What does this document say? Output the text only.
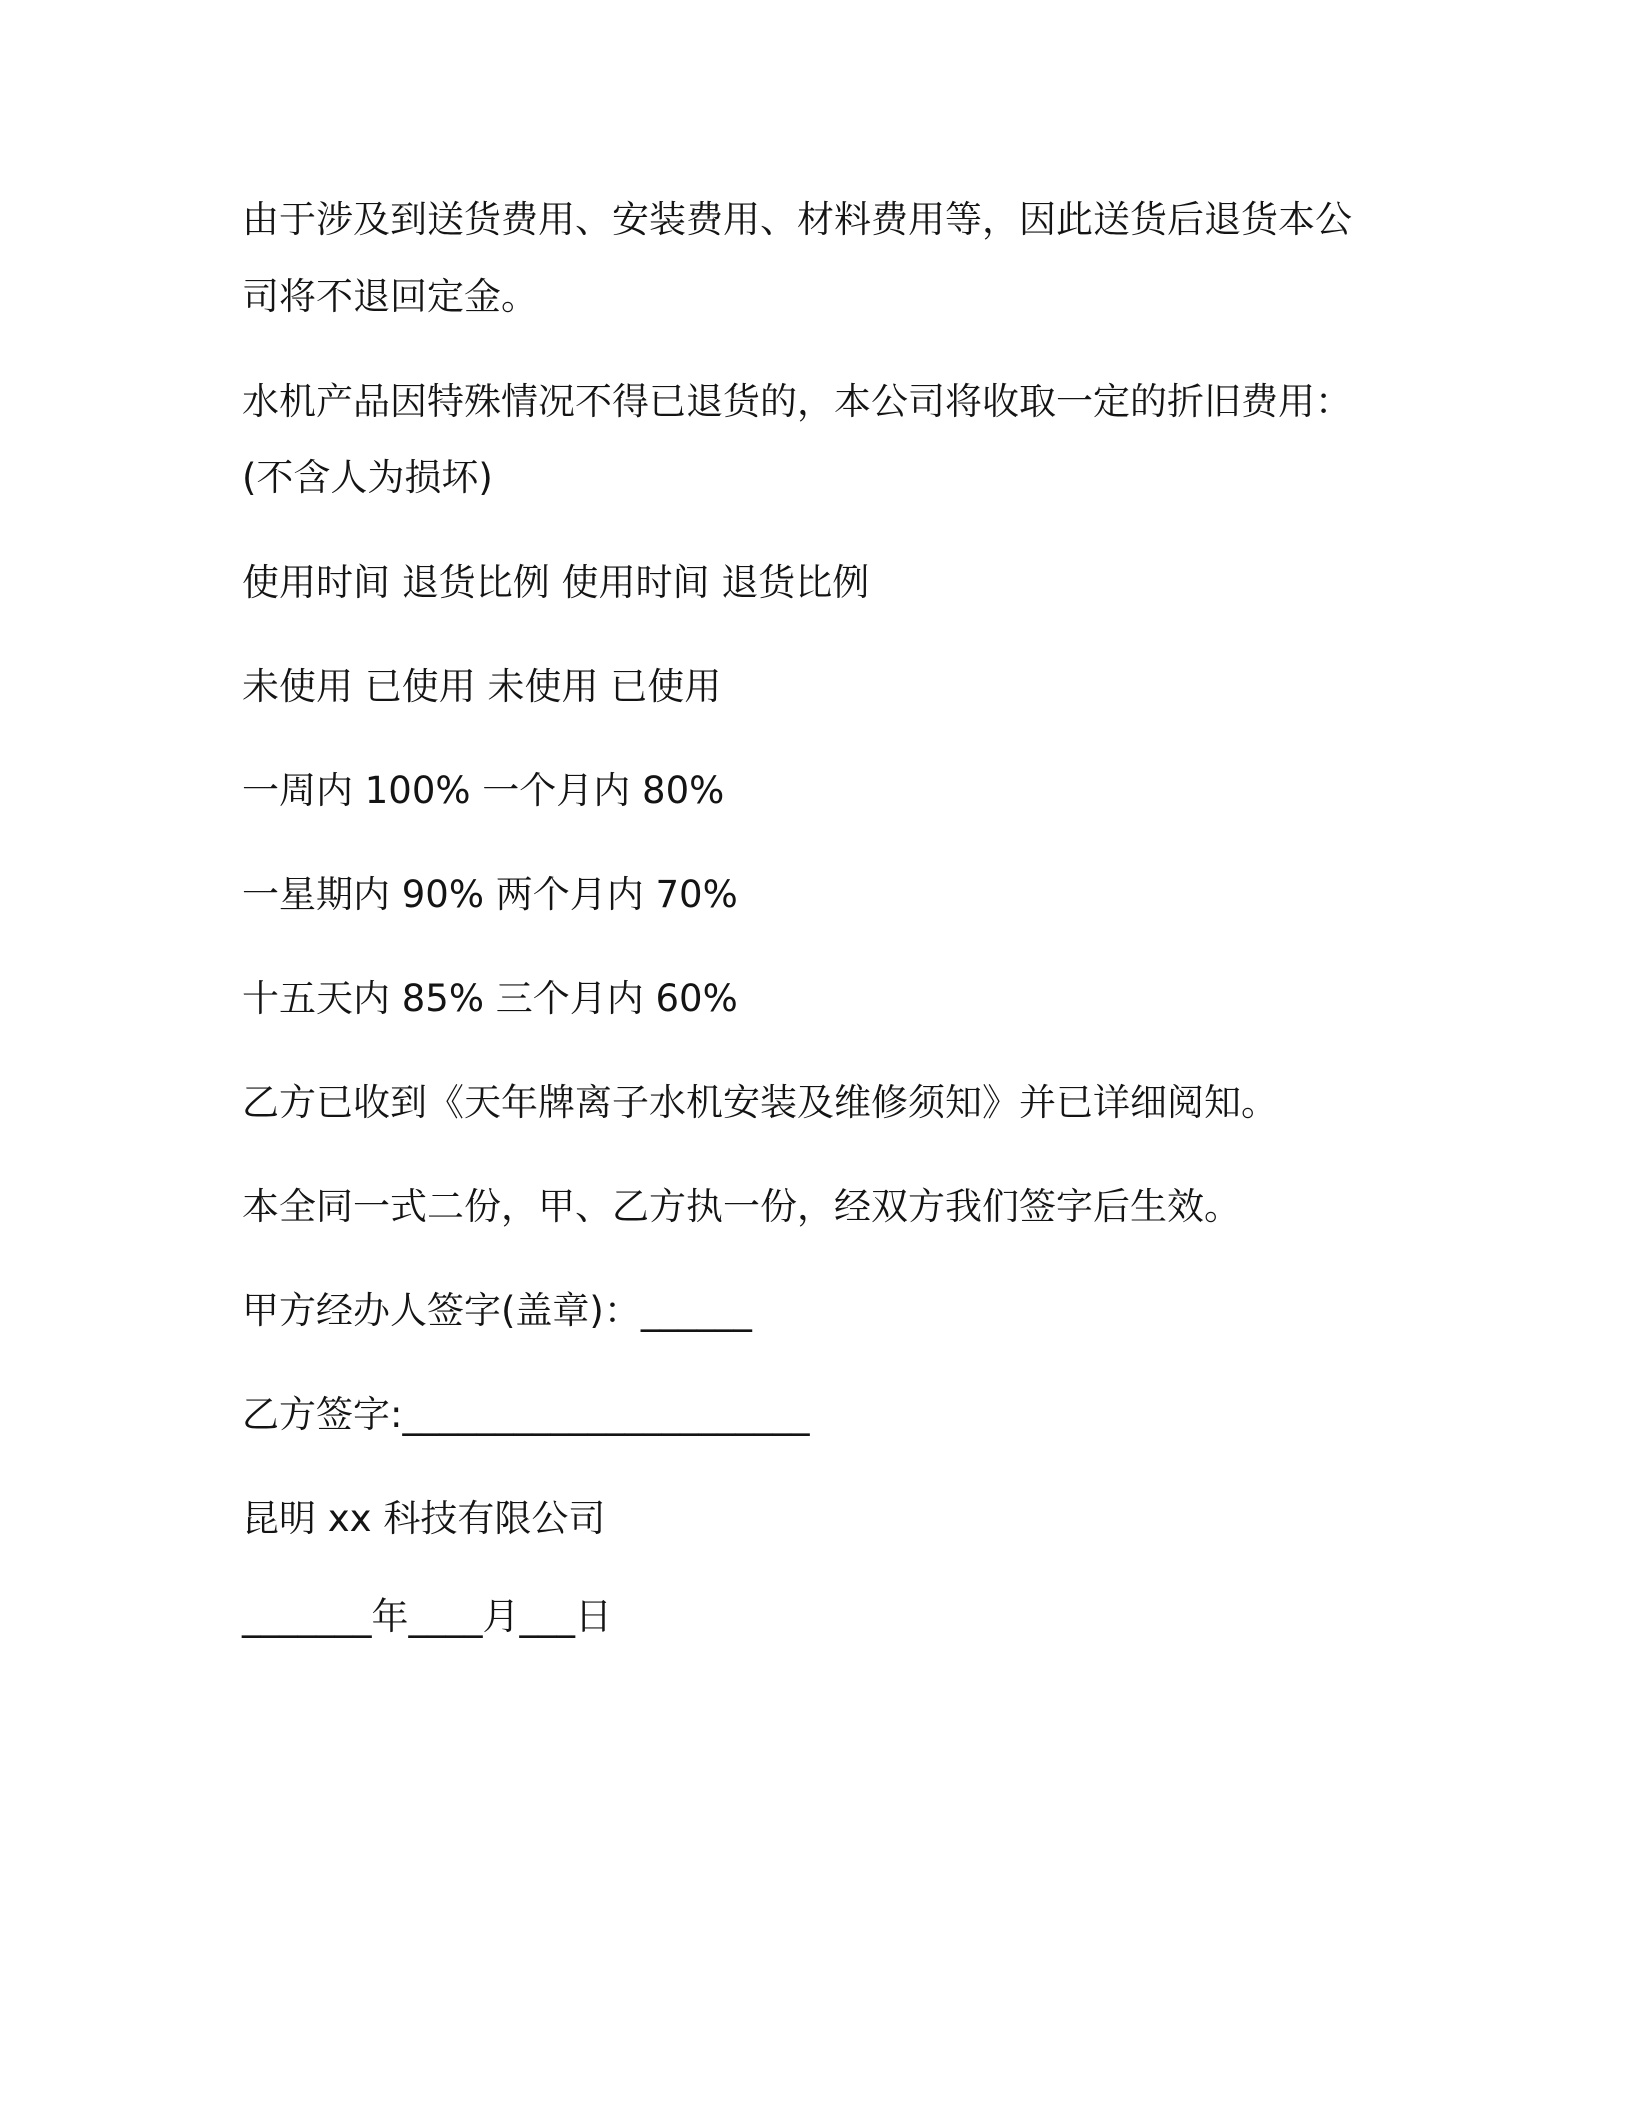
由于涉及到送货费用、安装费用、材料费用等，因此送货后退货本公
司将不退回定金。
水机产品因特殊情况不得已退货的，本公司将收取一定的折旧费用：
(不含人为损坏)
使用时间 退货比例 使用时间 退货比例
未使用 已使用 未使用 已使用
一周内 100% 一个月内 80%
一星期内 90% 两个月内 70%
十五天内 85% 三个月内 60%
乙方已收到《天年牌离子水机安装及维修须知》并已详细阅知。
本全同一式二份，甲、乙方执一份，经双方我们签字后生效。
甲方经办人签字(盖章)：______
乙方签字:______________________
昆明 xx 科技有限公司
_______年____月___日
